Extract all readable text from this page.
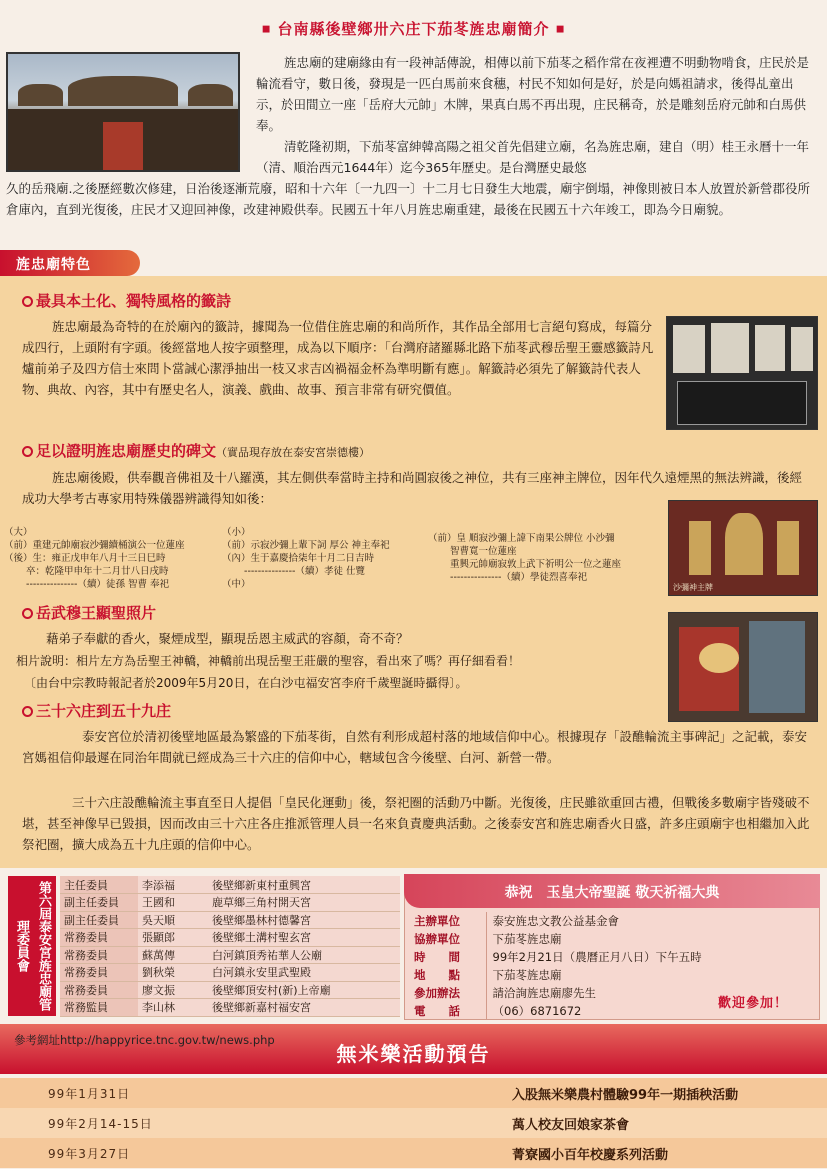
■ 台南縣後壁鄉卅六庄下茄苳旌忠廟簡介 ■

旌忠廟的建廟緣由有一段神話傳說，相傳以前下茄苳之稻作常在夜裡遭不明動物啃食，庄民於是輪流看守，數日後，發現是一匹白馬前來食穗，村民不知如何是好，於是向媽祖請求，後得乩童出示，於田間立一座「岳府大元帥」木牌，果真白馬不再出現，庄民稱奇，於是雕刻岳府元帥和白馬供奉。

清乾隆初期，下茄苳富紳韓高陽之祖父首先倡建立廟，名為旌忠廟，建自（明）桂王永曆十一年（清、順治西元1644年）迄今365年歷史。是台灣歷史最悠

久的岳飛廟.之後歷經數次修建，日治後逐漸荒廢，昭和十六年〔一九四一〕十二月七日發生大地震，廟宇倒塌，神像則被日本人放置於新營郡役所倉庫內，直到光復後，庄民才又迎回神像，改建神殿供奉。民國五十年八月旌忠廟重建，最後在民國五十六年竣工，即為今日廟貌。

旌忠廟特色
最具本土化、獨特風格的籤詩

旌忠廟最為奇特的在於廟內的籤詩，據聞為一位借住旌忠廟的和尚所作，其作品全部用七言絕句寫成，每篇分成四行，上頭附有字頭。後經當地人按字頭整理，成為以下順序：「台灣府諸羅縣北路下茄苳武穆岳聖王靈感籤詩凡爐前弟子及四方信士來問卜當誠心潔淨抽出一枝又求吉凶禍福金杯為準明斷有應」。解籤詩必須先了解籤詩代表人物、典故、內容，其中有歷史名人，演義、戲曲、故事、預言非常有研究價值。

足以證明旌忠廟歷史的碑文（實品現存放在泰安宮崇德樓）

旌忠廟後殿，供奉觀音佛祖及十八羅漢，其左側供奉當時主持和尚圓寂後之神位，共有三座神主牌位，因年代久遠煙黑的無法辨識，後經成功大學考古專家用特殊儀器辨識得知如後：

（大）
（前）重建元帥廟寂沙彌續桶演公一位蓮座
（後）生：雍正戊申年八月十三日巳時
　　 卒：乾隆甲申年十二月廿八日戌時
　　 ---------------（續）徒孫 智曹 奉祀
（小）
（前）示寂沙彌上輩下詞 厚公 神主奉祀
（內）生于嘉慶拾柒年十月二日吉時
　　 ---------------（續）孝徒 仕覽
（中）
（前）皇 順寂沙彌上諱下南果公牌位 小沙彌
　　 智曹寬一位蓮座
　　 重興元帥廟寂敦上武下祈明公一位之蓮座
　　 ---------------（續）學徒烈喜奉祀
沙彌神主牌
岳武穆王顯聖照片

藉弟子奉獻的香火，聚煙成型，顯現岳恩主威武的容顏，奇不奇？

相片說明：相片左方為岳聖王神轎，神轎前出現岳聖王莊嚴的聖容，看出來了嗎？再仔細看看！

〔由台中宗教時報記者於2009年5月20日，在白沙屯福安宮李府千歲聖誕時攝得〕。

三十六庄到五十九庄

泰安宮位於清初後壁地區最為繁盛的下茄苳街，自然有利形成超村落的地域信仰中心。根據現存「設醮輪流主事碑記」之記載，泰安宮媽祖信仰最遲在同治年間就已經成為三十六庄的信仰中心，轄域包含今後壁、白河、新營一帶。

三十六庄設醮輪流主事直至日人提倡「皇民化運動」後，祭祀圈的活動乃中斷。光復後，庄民雖欲重回古禮，但戰後多數廟宇皆殘破不堪，甚至神像早已毀損，因而改由三十六庄各庄推派管理人員一名來負責慶典活動。之後泰安宮和旌忠廟香火日盛，許多庄頭廟宇也相繼加入此祭祀圈，擴大成為五十九庄頭的信仰中心。

第六屆泰安宮旌忠廟管理委員會
主任委員	李添福	後壁鄉新東村重興宮
副主任委員	王國和	鹿草鄉三角村開天宮
副主任委員	吳天順	後壁鄉墨林村德馨宮
常務委員	張顯郎	後壁鄉土溝村聖玄宮
常務委員	蘇萬傳	白河鎮頂秀祐華人公廟
常務委員	劉秋榮	白河鎮永安里武聖殿
常務委員	廖文振	後壁鄉頂安村(新)上帝廟
常務監員	李山林	後壁鄉新嘉村福安宮
恭祝　玉皇大帝聖誕 敬天祈福大典
主辦單位	泰安旌忠文教公益基金會
協辦單位	下茄苳旌忠廟
時　　間	99年2月21日（農曆正月八日）下午五時
地　　點	下茄苳旌忠廟
參加辦法	請洽詢旌忠廟廖先生
電　　話	（06）6871672	歡迎參加！
參考網址http://happyrice.tnc.gov.tw/news.php
無米樂活動預告
99年1月31日	入股無米樂農村體驗99年一期插秧活動
99年2月14-15日	萬人校友回娘家茶會
99年3月27日	菁寮國小百年校慶系列活動
